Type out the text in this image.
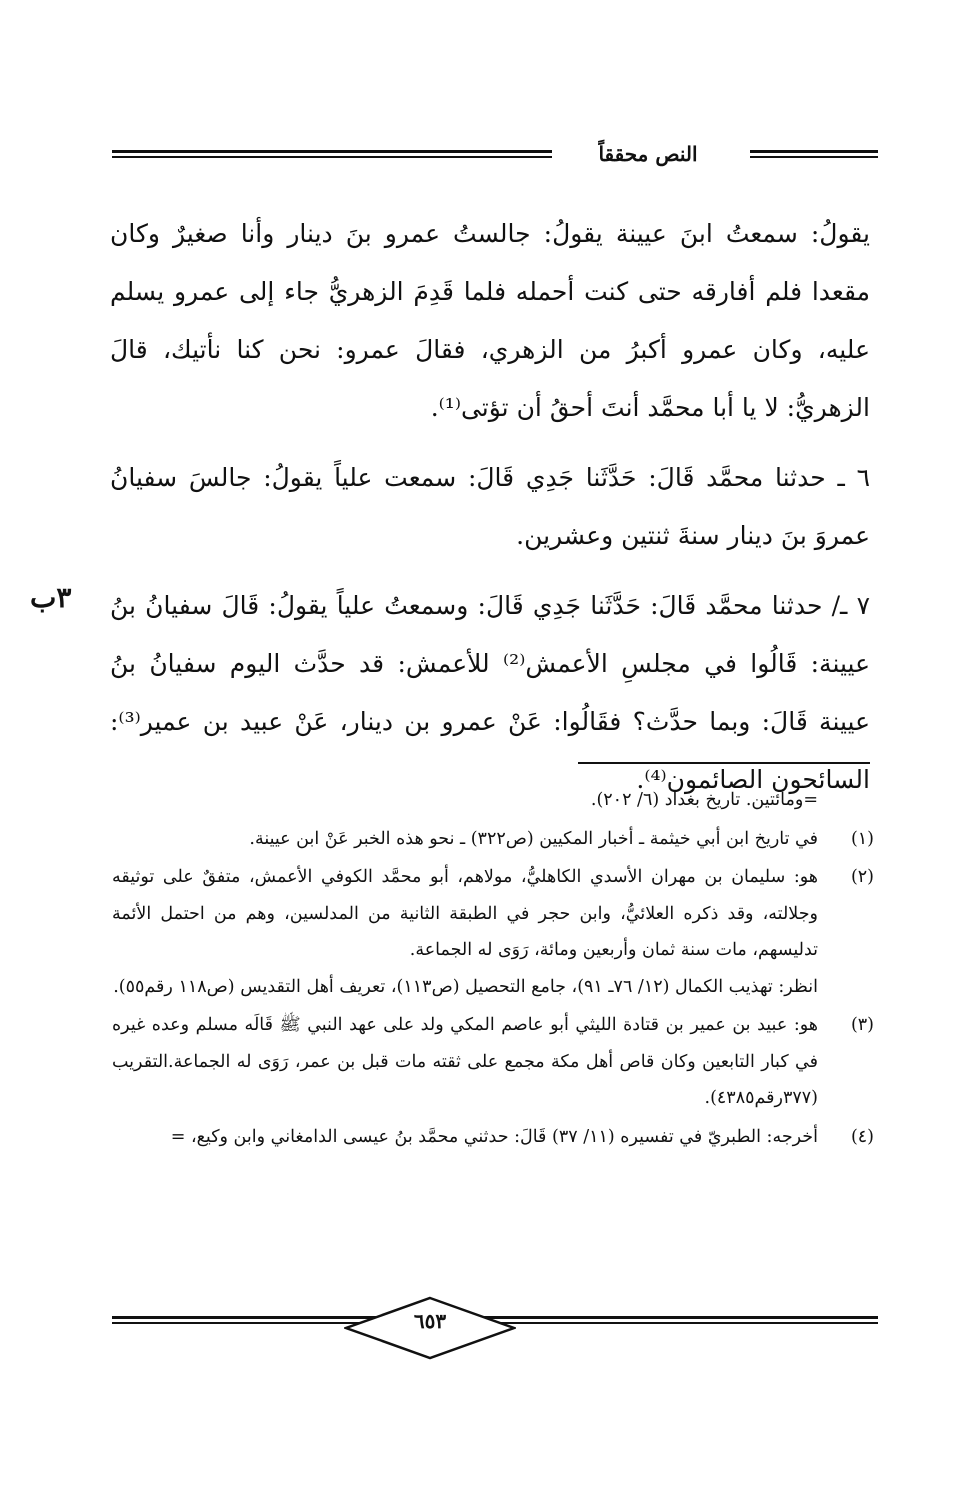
النص محققاً

يقولُ: سمعتُ ابنَ عيينة يقولُ: جالستُ عمرو بنَ دينار وأنا صغيرٌ وكان مقعدا فلم أفارقه حتى كنت أحمله فلما قَدِمَ الزهريُّ جاء إلى عمرو يسلم عليه، وكان عمرو أكبرُ من الزهري، فقالَ عمرو: نحن كنا نأتيك، قالَ الزهريُّ: لا يا أبا محمَّد أنتَ أحقُ أن تؤتى⁽¹⁾.

٦ ـ حدثنا محمَّد قَالَ: حَدَّثَنا جَدِي قَالَ: سمعت علياً يقولُ: جالسَ سفيانُ عمروَ بنَ دينار سنةَ ثنتين وعشرين.

٧ ـ/ حدثنا محمَّد قَالَ: حَدَّثَنا جَدِي قَالَ: وسمعتُ علياً يقولُ: قَالَ سفيانُ بنُ عيينة: قَالُوا في مجلسِ الأعمش⁽²⁾ للأعمش: قد حدَّث اليوم سفيانُ بنُ عيينة قَالَ: وبما حدَّث؟ فقَالُوا: عَنْ عمرو بن دينار، عَنْ عبيد بن عمير⁽³⁾: السائحون الصائمون⁽⁴⁾.

٣ب

=ومائتين. تاريخ بغداد (٦/ ٢٠٢).

(١)

في تاريخ ابن أبي خيثمة ـ أخبار المكيين (ص٣٢٢) ـ نحو هذه الخبر عَنْ ابن عيينة.

(٢)

هو: سليمان بن مهران الأسدي الكاهليُّ، مولاهم، أبو محمَّد الكوفي الأعمش، متفقٌ على توثيقه وجلالته، وقد ذكره العلائيُّ، وابن حجر في الطبقة الثانية من المدلسين، وهم من احتمل الأئمة تدليسهم، مات سنة ثمان وأربعين ومائة، رَوَى له الجماعة.

انظر: تهذيب الكمال (١٢/ ٧٦ـ ٩١)، جامع التحصيل (ص١١٣)، تعريف أهل التقديس (ص١١٨ رقم٥٥).

(٣)

هو: عبيد بن عمير بن قتادة الليثي أبو عاصم المكي ولد على عهد النبي ﷺ قَالَه مسلم وعده غيره في كبار التابعين وكان قاص أهل مكة مجمع على ثقته مات قبل بن عمر، رَوَى له الجماعة.التقريب (٣٧٧رقم٤٣٨٥).

(٤)

أخرجه: الطبريّ في تفسيره (١١/ ٣٧) قَالَ: حدثني محمَّد بنُ عيسى الدامغاني وابن وكيع، =

٦٥٣
